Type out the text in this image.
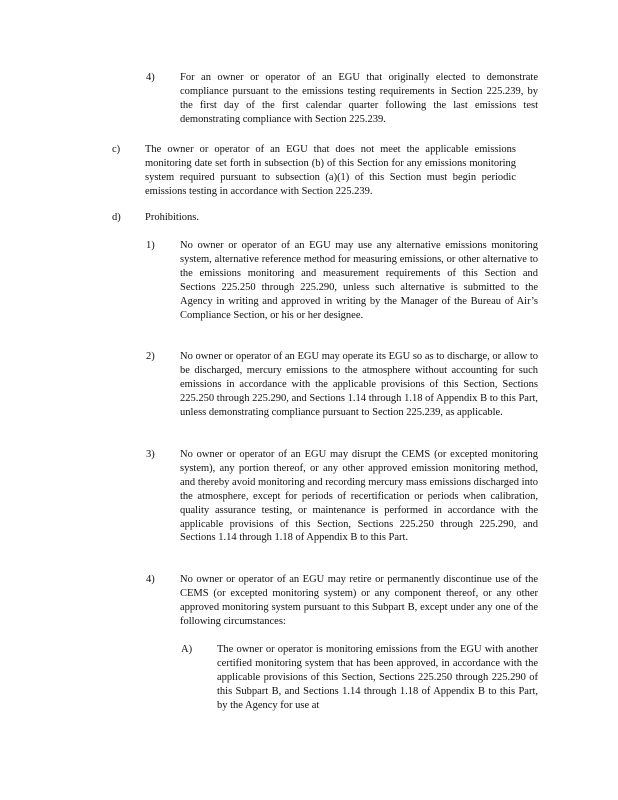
4) For an owner or operator of an EGU that originally elected to demonstrate compliance pursuant to the emissions testing requirements in Section 225.239, by the first day of the first calendar quarter following the last emissions test demonstrating compliance with Section 225.239.
c) The owner or operator of an EGU that does not meet the applicable emissions monitoring date set forth in subsection (b) of this Section for any emissions monitoring system required pursuant to subsection (a)(1) of this Section must begin periodic emissions testing in accordance with Section 225.239.
d) Prohibitions.
1) No owner or operator of an EGU may use any alternative emissions monitoring system, alternative reference method for measuring emissions, or other alternative to the emissions monitoring and measurement requirements of this Section and Sections 225.250 through 225.290, unless such alternative is submitted to the Agency in writing and approved in writing by the Manager of the Bureau of Air’s Compliance Section, or his or her designee.
2) No owner or operator of an EGU may operate its EGU so as to discharge, or allow to be discharged, mercury emissions to the atmosphere without accounting for such emissions in accordance with the applicable provisions of this Section, Sections 225.250 through 225.290, and Sections 1.14 through 1.18 of Appendix B to this Part, unless demonstrating compliance pursuant to Section 225.239, as applicable.
3) No owner or operator of an EGU may disrupt the CEMS (or excepted monitoring system), any portion thereof, or any other approved emission monitoring method, and thereby avoid monitoring and recording mercury mass emissions discharged into the atmosphere, except for periods of recertification or periods when calibration, quality assurance testing, or maintenance is performed in accordance with the applicable provisions of this Section, Sections 225.250 through 225.290, and Sections 1.14 through 1.18 of Appendix B to this Part.
4) No owner or operator of an EGU may retire or permanently discontinue use of the CEMS (or excepted monitoring system) or any component thereof, or any other approved monitoring system pursuant to this Subpart B, except under any one of the following circumstances:
A) The owner or operator is monitoring emissions from the EGU with another certified monitoring system that has been approved, in accordance with the applicable provisions of this Section, Sections 225.250 through 225.290 of this Subpart B, and Sections 1.14 through 1.18 of Appendix B to this Part, by the Agency for use at
